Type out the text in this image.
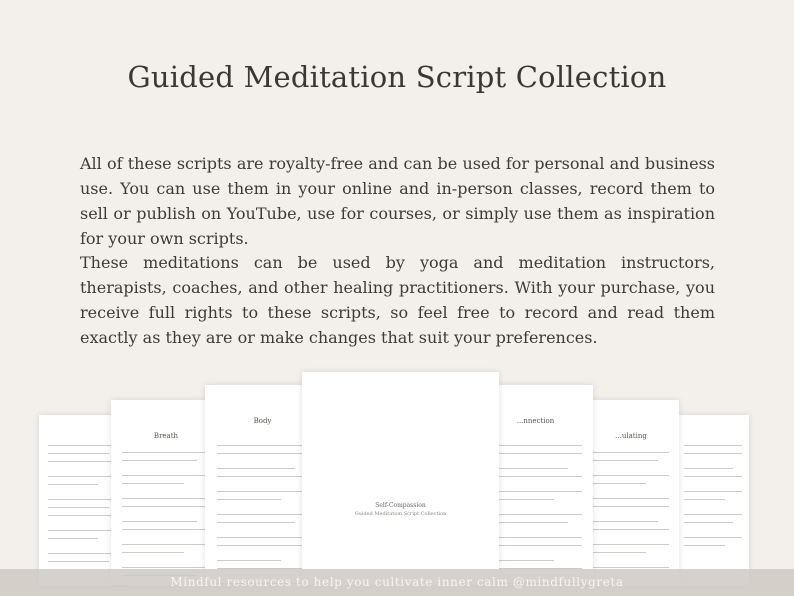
Guided Meditation Script Collection

All of these scripts are royalty-free and can be used for personal and business use. You can use them in your online and in-person classes, record them to sell or publish on YouTube, use for courses, or simply use them as inspiration for your own scripts.

These meditations can be used by yoga and meditation instructors, therapists, coaches, and other healing practitioners. With your purchase, you receive full rights to these scripts, so feel free to record and read them exactly as they are or make changes that suit your preferences.

Breath	...ulating
Body	...nnection
Self-Compassion
Guided Meditation Script Collection
Mindful resources to help you cultivate inner calm @mindfullygreta
